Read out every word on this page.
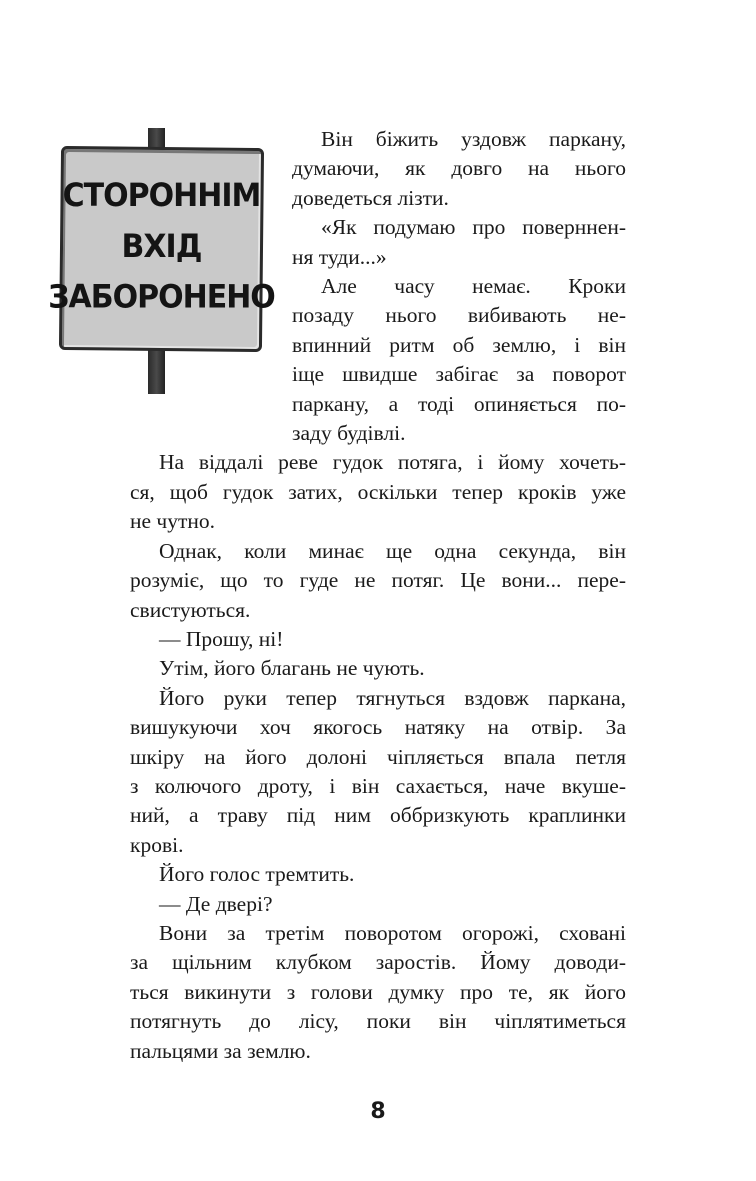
СТОРОННІМ
ВХІД
ЗАБОРОНЕНО

Він біжить уздовж паркану,
думаючи, як довго на нього
доведеться лізти.

«Як подумаю про поверннен-
ня туди...»

Але часу немає. Кроки
позаду нього вибивають не-
впинний ритм об землю, і він
іще швидше забігає за поворот
паркану, а тоді опиняється по-
заду будівлі.

На віддалі реве гудок потяга, і йому хочеть-
ся, щоб гудок затих, оскільки тепер кроків уже
не чутно.

Однак, коли минає ще одна секунда, він
розуміє, що то гуде не потяг. Це вони... пере-
свистуються.

— Прошу, ні!

Утім, його благань не чують.

Його руки тепер тягнуться вздовж паркана,
вишукуючи хоч якогось натяку на отвір. За
шкіру на його долоні чіпляється впала петля
з колючого дроту, і він сахається, наче вкуше-
ний, а траву під ним оббризкують краплинки
крові.

Його голос тремтить.

— Де двері?

Вони за третім поворотом огорожі, сховані
за щільним клубком заростів. Йому доводи-
ться викинути з голови думку про те, як його
потягнуть до лісу, поки він чіплятиметься
пальцями за землю.

8
